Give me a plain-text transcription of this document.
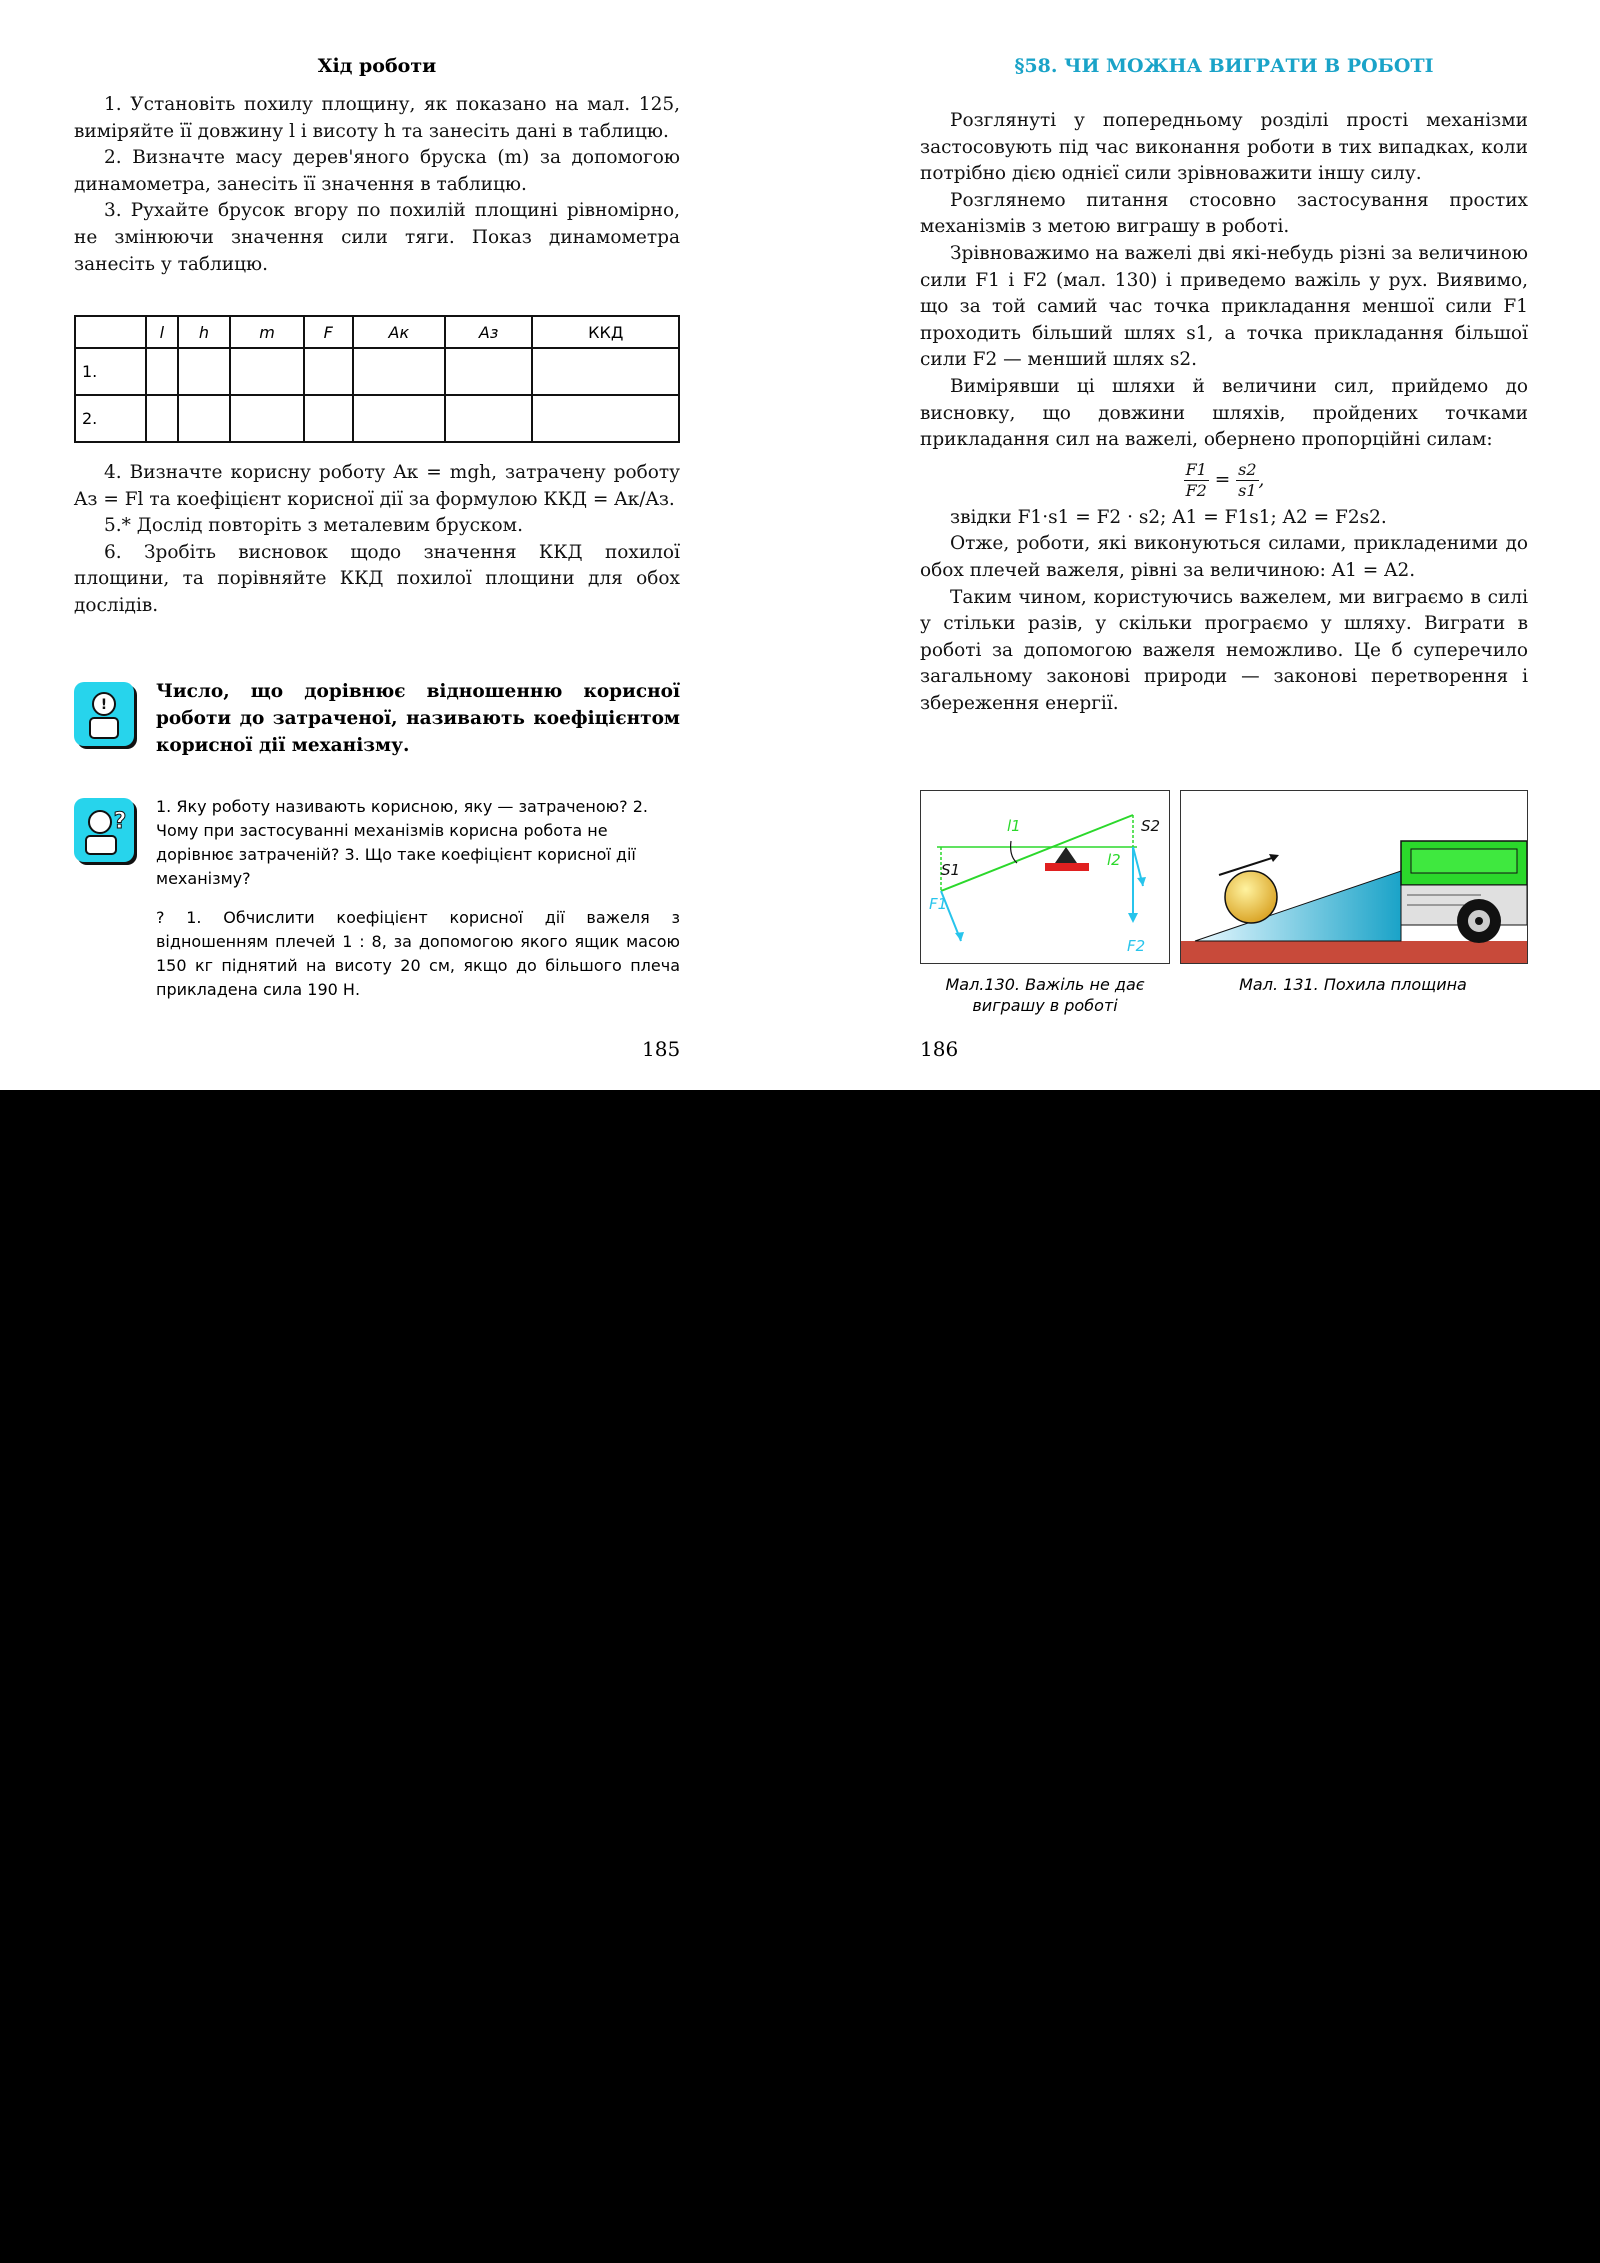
Хід роботи

1. Установіть похилу площину, як показано на мал. 125, виміряйте її довжину l і висоту h та занесіть дані в таблицю.

2. Визначте масу дерев'яного бруска (m) за допомогою динамометра, занесіть її значення в таблицю.

3. Рухайте брусок вгору по похилій площині рівномірно, не змінюючи значення сили тяги. Показ динамометра занесіть у таблицю.

	l	h	m	F	Aк	Aз	ККД
1.							
2.							

4. Визначте корисну роботу Aк = mgh, затрачену роботу Aз = Fl та коефіцієнт корисної дії за формулою ККД = Aк/Aз.

5.* Дослід повторіть з металевим бруском.

6. Зробіть висновок щодо значення ККД похилої площини, та порівняйте ККД похилої площини для обох дослідів.

!
Число, що дорівнює відношенню корисної роботи до затраченої, називають коефіцієнтом корисної дії механізму.
?

1. Яку роботу називають корисною, яку — затраченою? 2. Чому при застосуванні механізмів корисна робота не дорівнює затраченій? 3. Що таке коефіцієнт корисної дії механізму?

? 1. Обчислити коефіцієнт корисної дії важеля з відношенням плечей 1 : 8, за допомогою якого ящик масою 150 кг піднятий на висоту 20 см, якщо до більшого плеча прикладена сила 190 Н.
185
§58. ЧИ МОЖНА ВИГРАТИ В РОБОТІ

Розглянуті у попередньому розділі прості механізми застосовують під час виконання роботи в тих випадках, коли потрібно дією однієї сили зрівноважити іншу силу.

Розглянемо питання стосовно застосування простих механізмів з метою виграшу в роботі.

Зрівноважимо на важелі дві які-небудь різні за величиною сили F1 і F2 (мал. 130) і приведемо важіль у рух. Виявимо, що за той самий час точка прикладання меншої сили F1 проходить більший шлях s1, а точка прикладання більшої сили F2 — менший шлях s2.

Вимірявши ці шляхи й величини сил, прийдемо до висновку, що довжини шляхів, пройдених точками прикладання сил на важелі, обернено пропорційні силам:

$\frac{F1}{F2} = \frac{s2}{s1}$ ,

звідки F1·s1 = F2 · s2; A1 = F1s1; A2 = F2s2.

Отже, роботи, які виконуються силами, прикладеними до обох плечей важеля, рівні за величиною: A1 = A2.

Таким чином, користуючись важелем, ми виграємо в силі у стільки разів, у скільки програємо у шляху. Виграти в роботі за допомогою важеля неможливо. Це б суперечило загальному законові природи — законові перетворення і збереження енергії.

l1
l2
S1
S2
F1
F2
Мал.130. Важіль не дає виграшу в роботі
Мал. 131. Похила площина
186
